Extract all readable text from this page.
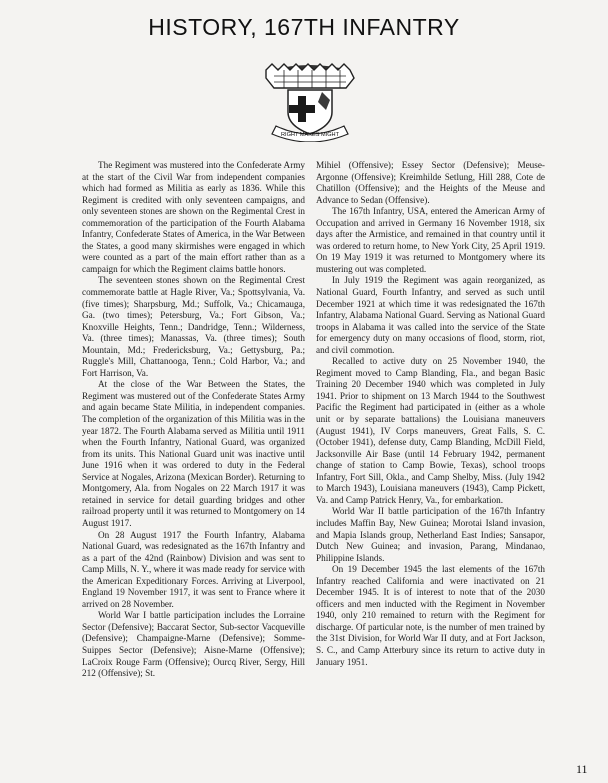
HISTORY, 167TH INFANTRY
RIGHT MAKES MIGHT

The Regiment was mustered into the Confederate Army at the start of the Civil War from independent companies which had formed as Militia as early as 1836. While this Regiment is credited with only seventeen campaigns, and only seventeen stones are shown on the Regimental Crest in commemoration of the participation of the Fourth Alabama Infantry, Confederate States of America, in the War Between the States, a good many skirmishes were engaged in which were counted as a part of the main effort rather than as a campaign for which the Regiment claims battle honors.

The seventeen stones shown on the Regimental Crest commemorate battle at Hagle River, Va.; Spottsylvania, Va. (five times); Sharpsburg, Md.; Suffolk, Va.; Chicamauga, Ga. (two times); Petersburg, Va.; Fort Gibson, Va.; Knoxville Heights, Tenn.; Dandridge, Tenn.; Wilderness, Va. (three times); Manassas, Va. (three times); South Mountain, Md.; Fredericksburg, Va.; Gettysburg, Pa.; Ruggle's Mill, Chattanooga, Tenn.; Cold Harbor, Va.; and Fort Harrison, Va.

At the close of the War Between the States, the Regiment was mustered out of the Confederate States Army and again became State Militia, in independent companies. The completion of the organization of this Militia was in the year 1872. The Fourth Alabama served as Militia until 1911 when the Fourth Infantry, National Guard, was organized from its units. This National Guard unit was inactive until June 1916 when it was ordered to duty in the Federal Service at Nogales, Arizona (Mexican Border). Returning to Montgomery, Ala. from Nogales on 22 March 1917 it was retained in service for detail guarding bridges and other railroad property until it was returned to Montgomery on 14 August 1917.

On 28 August 1917 the Fourth Infantry, Alabama National Guard, was redesignated as the 167th Infantry and as a part of the 42nd (Rainbow) Division and was sent to Camp Mills, N. Y., where it was made ready for service with the American Expeditionary Forces. Arriving at Liverpool, England 19 November 1917, it was sent to France where it arrived on 28 November.

World War I battle participation includes the Lorraine Sector (Defensive); Baccarat Sector, Sub-sector Vacqueville (Defensive); Champaigne-Marne (Defensive); Somme-Suippes Sector (Defensive); Aisne-Marne (Offensive); LaCroix Rouge Farm (Offensive); Ourcq River, Sergy, Hill 212 (Offensive); St.

Mihiel (Offensive); Essey Sector (Defensive); Meuse-Argonne (Offensive); Kreimhilde Setlung, Hill 288, Cote de Chatillon (Offensive); and the Heights of the Meuse and Advance to Sedan (Offensive).

The 167th Infantry, USA, entered the American Army of Occupation and arrived in Germany 16 November 1918, six days after the Armistice, and remained in that country until it was ordered to return home, to New York City, 25 April 1919. On 19 May 1919 it was returned to Montgomery where its mustering out was completed.

In July 1919 the Regiment was again reorganized, as National Guard, Fourth Infantry, and served as such until December 1921 at which time it was redesignated the 167th Infantry, Alabama National Guard. Serving as National Guard troops in Alabama it was called into the service of the State for emergency duty on many occasions of flood, storm, riot, and civil commotion.

Recalled to active duty on 25 November 1940, the Regiment moved to Camp Blanding, Fla., and began Basic Training 20 December 1940 which was completed in July 1941. Prior to shipment on 13 March 1944 to the Southwest Pacific the Regiment had participated in (either as a whole unit or by separate battalions) the Louisiana maneuvers (August 1941), IV Corps maneuvers, Great Falls, S. C. (October 1941), defense duty, Camp Blanding, McDill Field, Jacksonville Air Base (until 14 February 1942, permanent change of station to Camp Bowie, Texas), school troops Infantry, Fort Sill, Okla., and Camp Shelby, Miss. (July 1942 to March 1943), Louisiana maneuvers (1943), Camp Pickett, Va. and Camp Patrick Henry, Va., for embarkation.

World War II battle participation of the 167th Infantry includes Maffin Bay, New Guinea; Morotai Island invasion, and Mapia Islands group, Netherland East Indies; Sansapor, Dutch New Guinea; and invasion, Parang, Mindanao, Philippine Islands.

On 19 December 1945 the last elements of the 167th Infantry reached California and were inactivated on 21 December 1945. It is of interest to note that of the 2030 officers and men inducted with the Regiment in November 1940, only 210 remained to return with the Regiment for discharge. Of particular note, is the number of men trained by the 31st Division, for World War II duty, and at Fort Jackson, S. C., and Camp Atterbury since its return to active duty in January 1951.

11
